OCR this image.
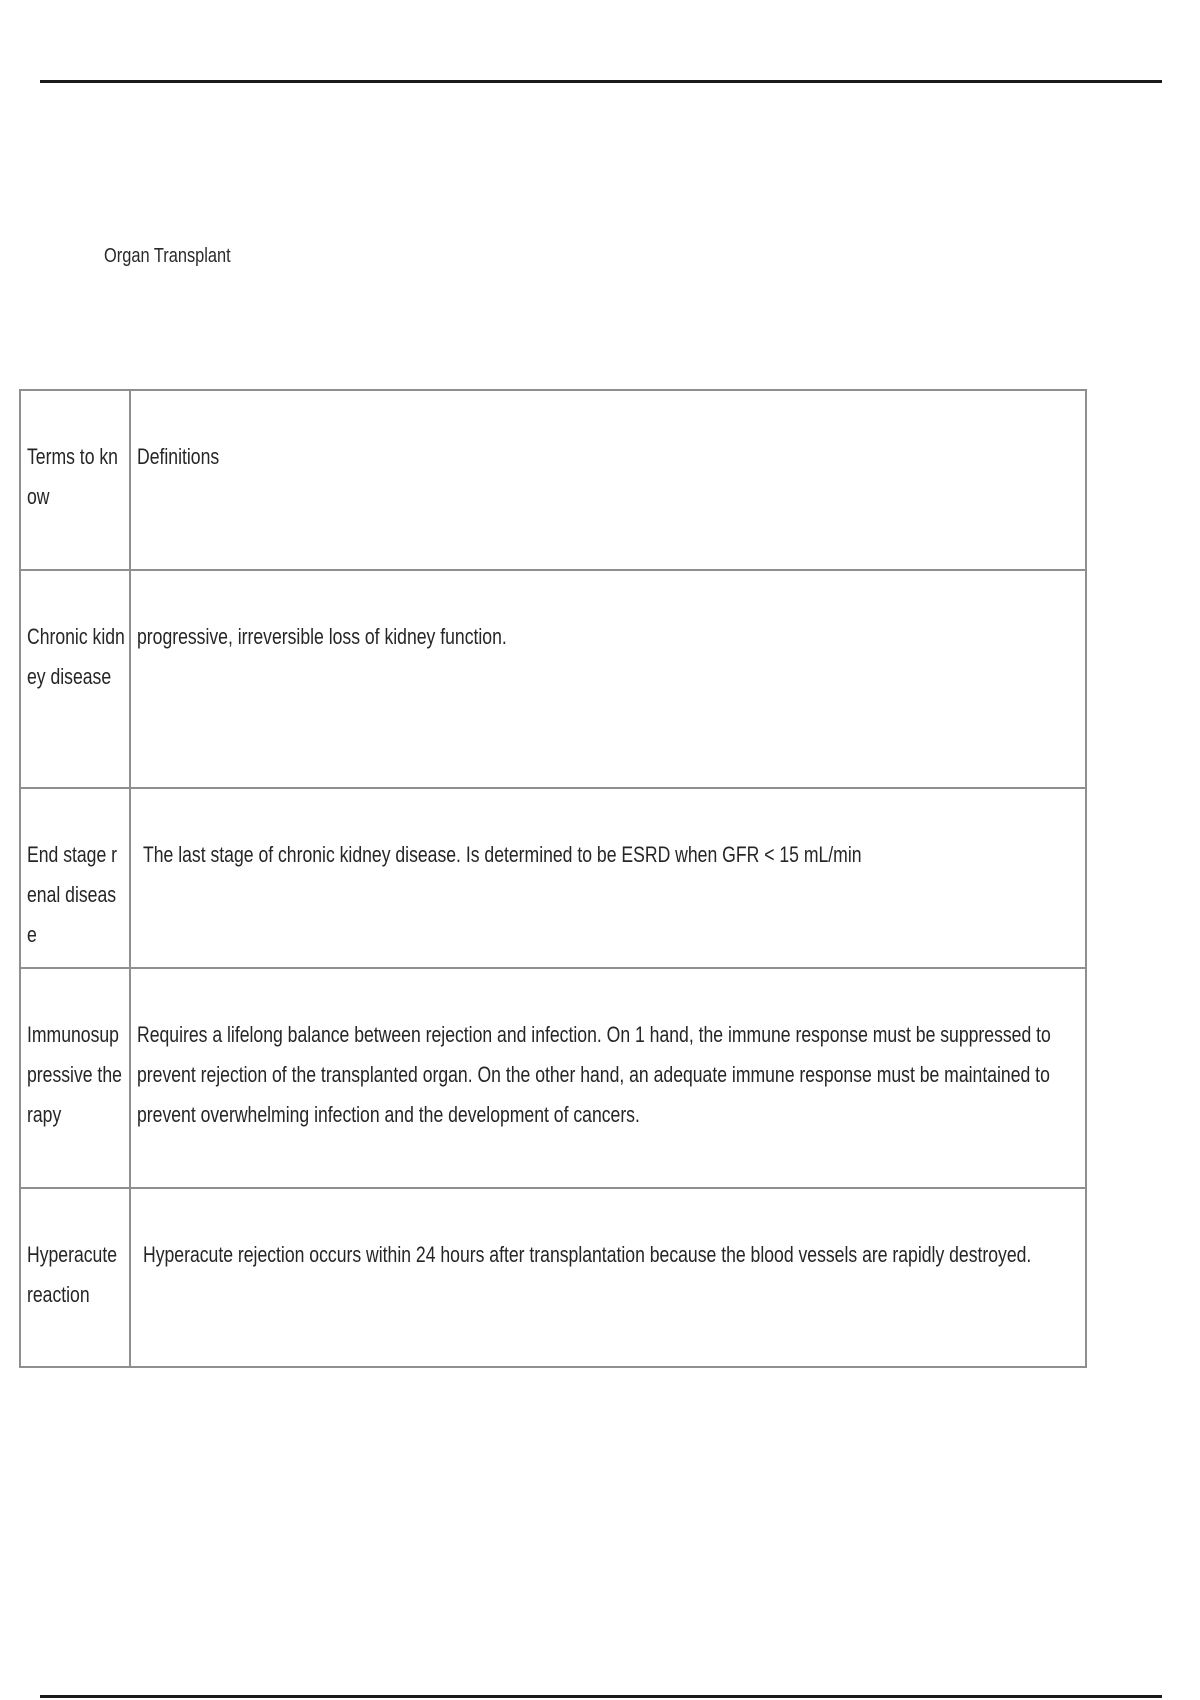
Organ Transplant
Terms to know	Definitions

Chronic kidney disease	progressive, irreversible loss of kidney function.

End stage renal disease	The last stage of chronic kidney disease. Is determined to be ESRD when GFR < 15 mL/min

Immunosuppressive therapy	Requires a lifelong balance between rejection and infection. On 1 hand, the immune response must be suppressed to prevent rejection of the transplanted organ. On the other hand, an adequate immune response must be maintained to prevent overwhelming infection and the development of cancers.

Hyperacute reaction	Hyperacute rejection occurs within 24 hours after transplantation because the blood vessels are rapidly destroyed.
